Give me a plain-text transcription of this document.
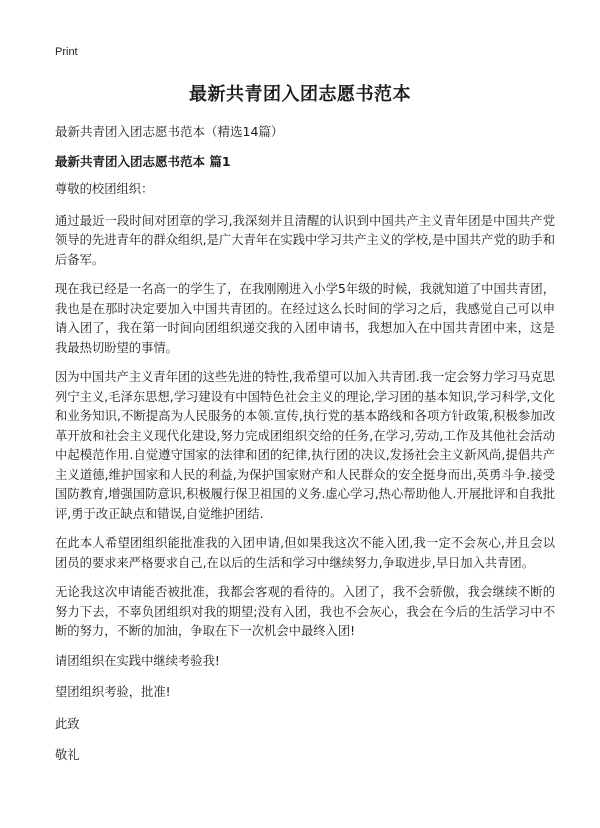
Print
最新共青团入团志愿书范本

最新共青团入团志愿书范本（精选14篇）

最新共青团入团志愿书范本 篇1

尊敬的校团组织：

通过最近一段时间对团章的学习,我深刻并且清醒的认识到中国共产主义青年团是中国共产党领导的先进青年的群众组织,是广大青年在实践中学习共产主义的学校,是中国共产党的助手和后备军。

现在我已经是一名高一的学生了，在我刚刚进入小学5年级的时候，我就知道了中国共青团，我也是在那时决定要加入中国共青团的。在经过这么长时间的学习之后，我感觉自己可以申请入团了，我在第一时间向团组织递交我的入团申请书，我想加入在中国共青团中来，这是我最热切盼望的事情。

因为中国共产主义青年团的这些先进的特性,我希望可以加入共青团.我一定会努力学习马克思列宁主义,毛泽东思想,学习建设有中国特色社会主义的理论,学习团的基本知识,学习科学,文化和业务知识,不断提高为人民服务的本领.宣传,执行党的基本路线和各项方针政策,积极参加改革开放和社会主义现代化建设,努力完成团组织交给的任务,在学习,劳动,工作及其他社会活动中起模范作用.自觉遵守国家的法律和团的纪律,执行团的决议,发扬社会主义新风尚,提倡共产主义道德,维护国家和人民的利益,为保护国家财产和人民群众的安全挺身而出,英勇斗争.接受国防教育,增强国防意识,积极履行保卫祖国的义务.虚心学习,热心帮助他人.开展批评和自我批评,勇于改正缺点和错误,自觉维护团结.

在此本人希望团组织能批准我的入团申请,但如果我这次不能入团,我一定不会灰心,并且会以团员的要求来严格要求自己,在以后的生活和学习中继续努力,争取进步,早日加入共青团。

无论我这次申请能否被批准，我都会客观的看待的。入团了，我不会骄傲，我会继续不断的努力下去，不辜负团组织对我的期望;没有入团，我也不会灰心，我会在今后的生活学习中不断的努力，不断的加油，争取在下一次机会中最终入团!

请团组织在实践中继续考验我!

望团组织考验，批准!

此致

敬礼
